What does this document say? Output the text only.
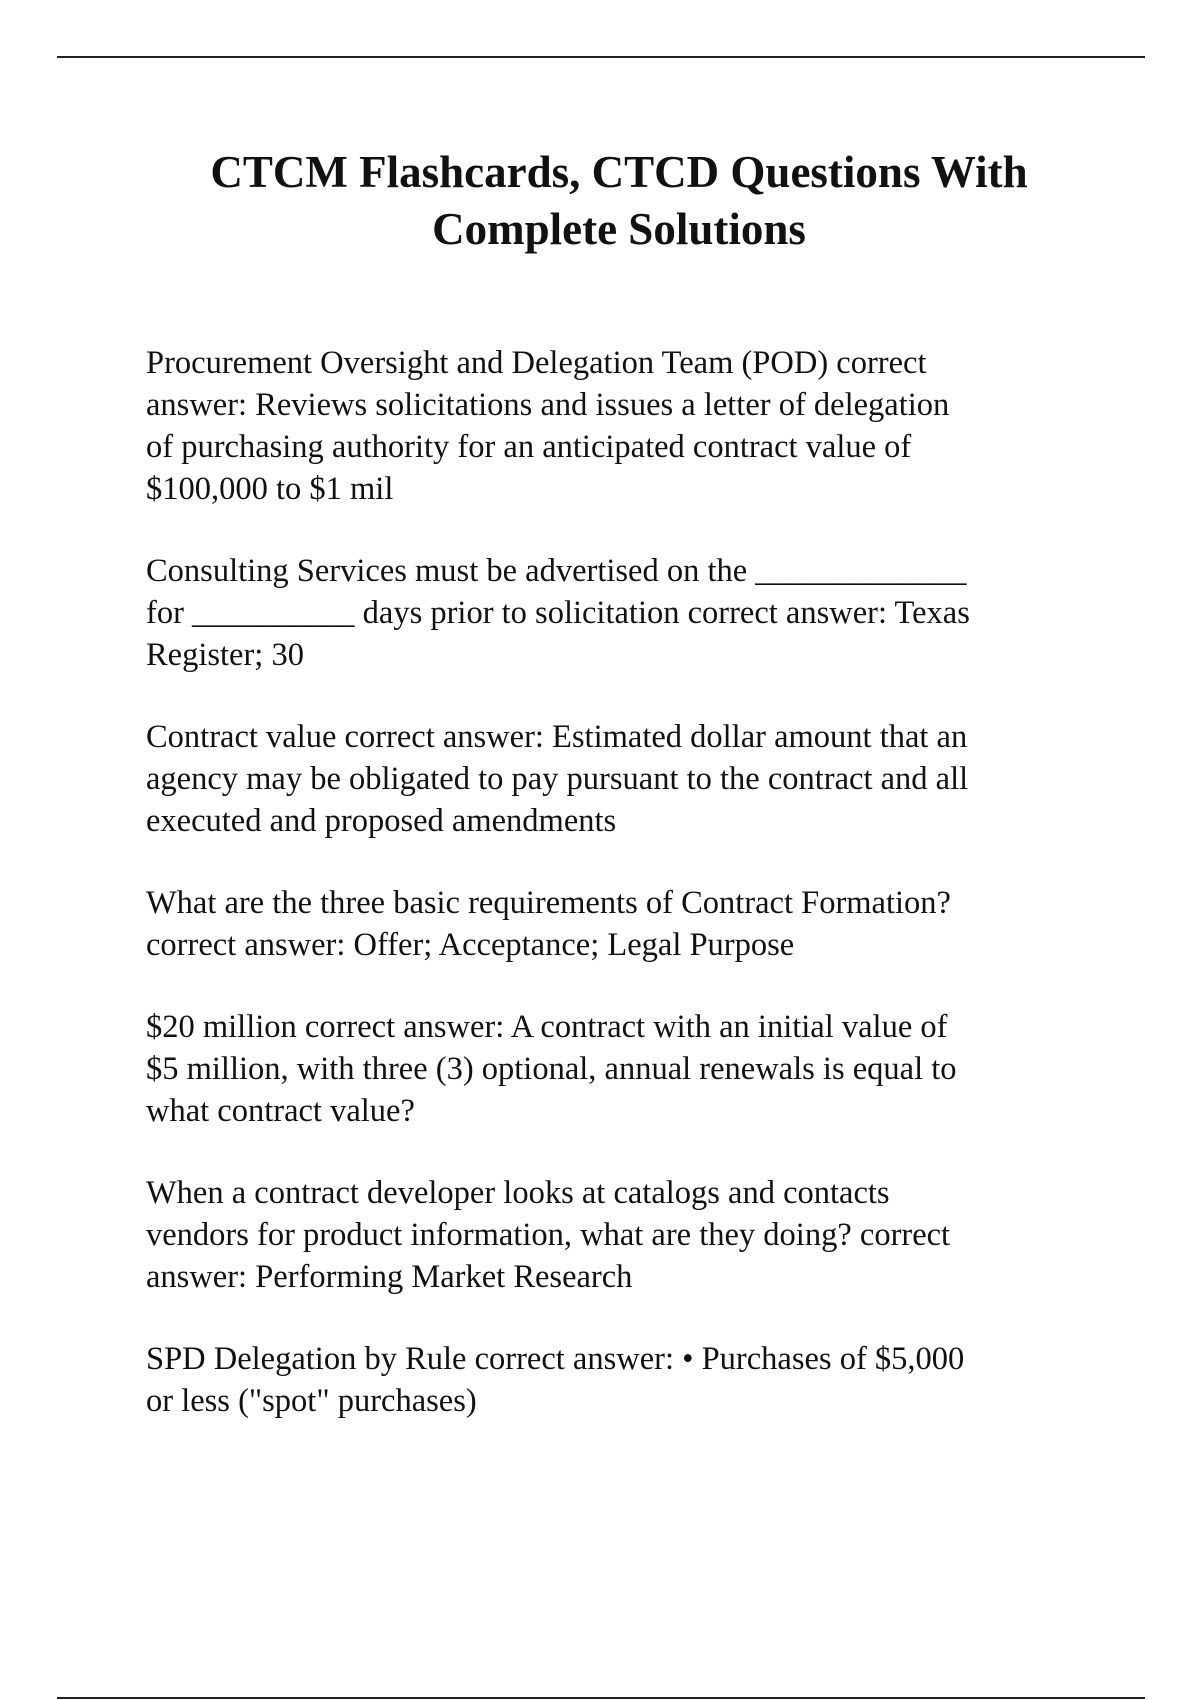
CTCM Flashcards, CTCD Questions With
Complete Solutions

Procurement Oversight and Delegation Team (POD) correct
answer: Reviews solicitations and issues a letter of delegation
of purchasing authority for an anticipated contract value of
$100,000 to $1 mil

Consulting Services must be advertised on the _____________
for __________ days prior to solicitation correct answer: Texas
Register; 30

Contract value correct answer: Estimated dollar amount that an
agency may be obligated to pay pursuant to the contract and all
executed and proposed amendments

What are the three basic requirements of Contract Formation?
correct answer: Offer; Acceptance; Legal Purpose

$20 million correct answer: A contract with an initial value of
$5 million, with three (3) optional, annual renewals is equal to
what contract value?

When a contract developer looks at catalogs and contacts
vendors for product information, what are they doing? correct
answer: Performing Market Research

SPD Delegation by Rule correct answer: • Purchases of $5,000
or less ("spot" purchases)
